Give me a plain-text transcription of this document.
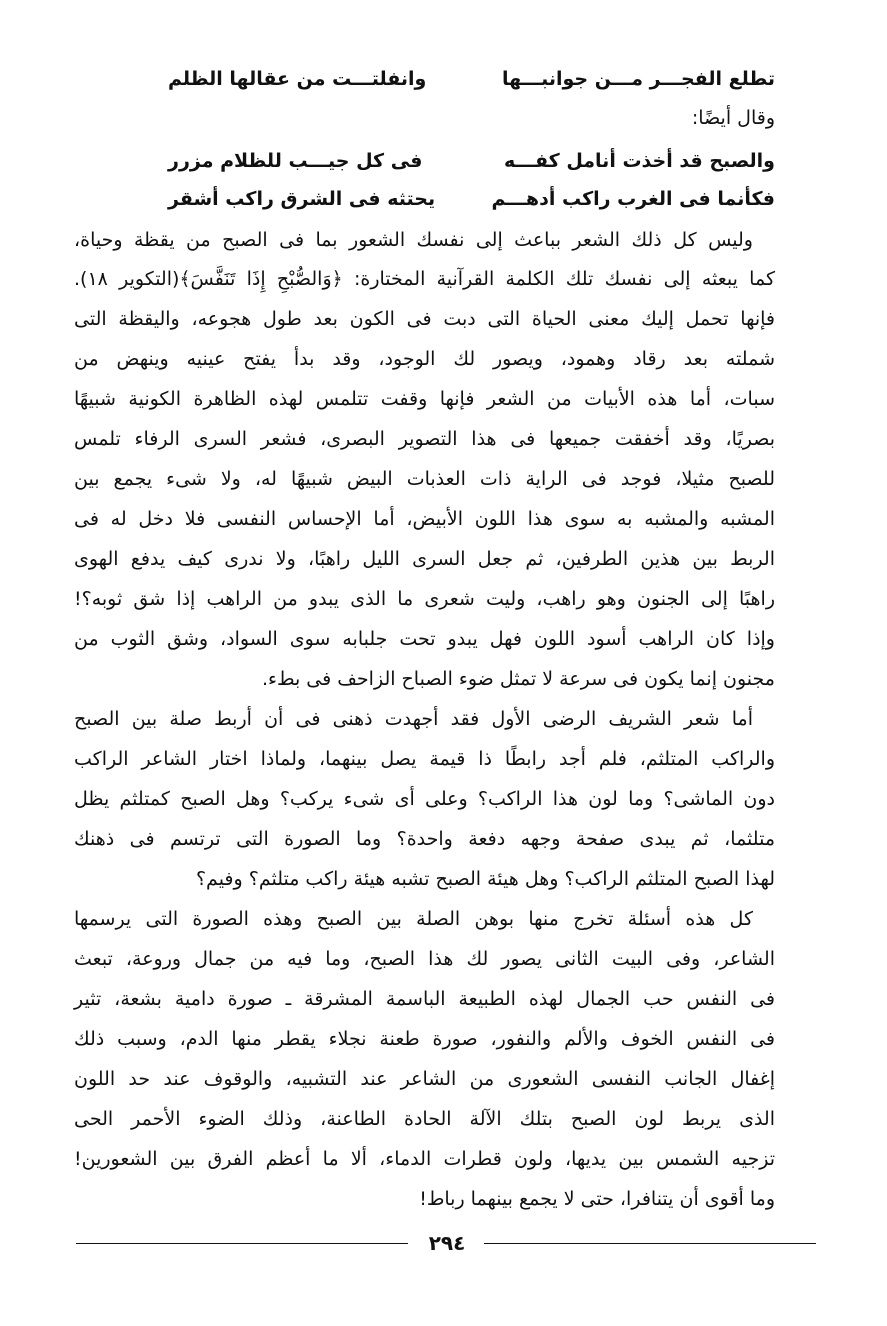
تطلع الفجـــر مـــن جوانبـــها
وانفلتـــت من عقالها الظلم
وقال أيضًا:
والصبح قد أخذت أنامل كفـــه
فى كل جيـــب للظلام مزرر
فكأنما فى الغرب راكب أدهـــم
يحتثه فى الشرق راكب أشقر
وليس كل ذلك الشعر بباعث إلى نفسك الشعور بما فى الصبح من يقظة وحياة،
كما يبعثه إلى نفسك تلك الكلمة القرآنية المختارة: ﴿وَالصُّبْحِ إِذَا تَنَفَّسَ﴾(التكوير ١٨).
فإنها تحمل إليك معنى الحياة التى دبت فى الكون بعد طول هجوعه، واليقظة التى
شملته بعد رقاد وهمود، ويصور لك الوجود، وقد بدأ يفتح عينيه وينهض من
سبات، أما هذه الأبيات من الشعر فإنها وقفت تتلمس لهذه الظاهرة الكونية شبيهًا
بصريًا، وقد أخفقت جميعها فى هذا التصوير البصرى، فشعر السرى الرفاء تلمس
للصبح مثيلا، فوجد فى الراية ذات العذبات البيض شبيهًا له، ولا شىء يجمع بين
المشبه والمشبه به سوى هذا اللون الأبيض، أما الإحساس النفسى فلا دخل له فى
الربط بين هذين الطرفين، ثم جعل السرى الليل راهبًا، ولا ندرى كيف يدفع الهوى
راهبًا إلى الجنون وهو راهب، وليت شعرى ما الذى يبدو من الراهب إذا شق ثوبه؟!
وإذا كان الراهب أسود اللون فهل يبدو تحت جلبابه سوى السواد، وشق الثوب من
مجنون إنما يكون فى سرعة لا تمثل ضوء الصباح الزاحف فى بطء.
أما شعر الشريف الرضى الأول فقد أجهدت ذهنى فى أن أربط صلة بين الصبح
والراكب المتلثم، فلم أجد رابطًا ذا قيمة يصل بينهما، ولماذا اختار الشاعر الراكب
دون الماشى؟ وما لون هذا الراكب؟ وعلى أى شىء يركب؟ وهل الصبح كمتلثم يظل
متلثما، ثم يبدى صفحة وجهه دفعة واحدة؟ وما الصورة التى ترتسم فى ذهنك
لهذا الصبح المتلثم الراكب؟ وهل هيئة الصبح تشبه هيئة راكب متلثم؟ وفيم؟
كل هذه أسئلة تخرج منها بوهن الصلة بين الصبح وهذه الصورة التى يرسمها
الشاعر، وفى البيت الثانى يصور لك هذا الصبح، وما فيه من جمال وروعة، تبعث
فى النفس حب الجمال لهذه الطبيعة الباسمة المشرقة ـ صورة دامية بشعة، تثير
فى النفس الخوف والألم والنفور، صورة طعنة نجلاء يقطر منها الدم، وسبب ذلك
إغفال الجانب النفسى الشعورى من الشاعر عند التشبيه، والوقوف عند حد اللون
الذى يربط لون الصبح بتلك الآلة الحادة الطاعنة، وذلك الضوء الأحمر الحى
تزجيه الشمس بين يديها، ولون قطرات الدماء، ألا ما أعظم الفرق بين الشعورين!
وما أقوى أن يتنافرا، حتى لا يجمع بينهما رباط!
٢٩٤
